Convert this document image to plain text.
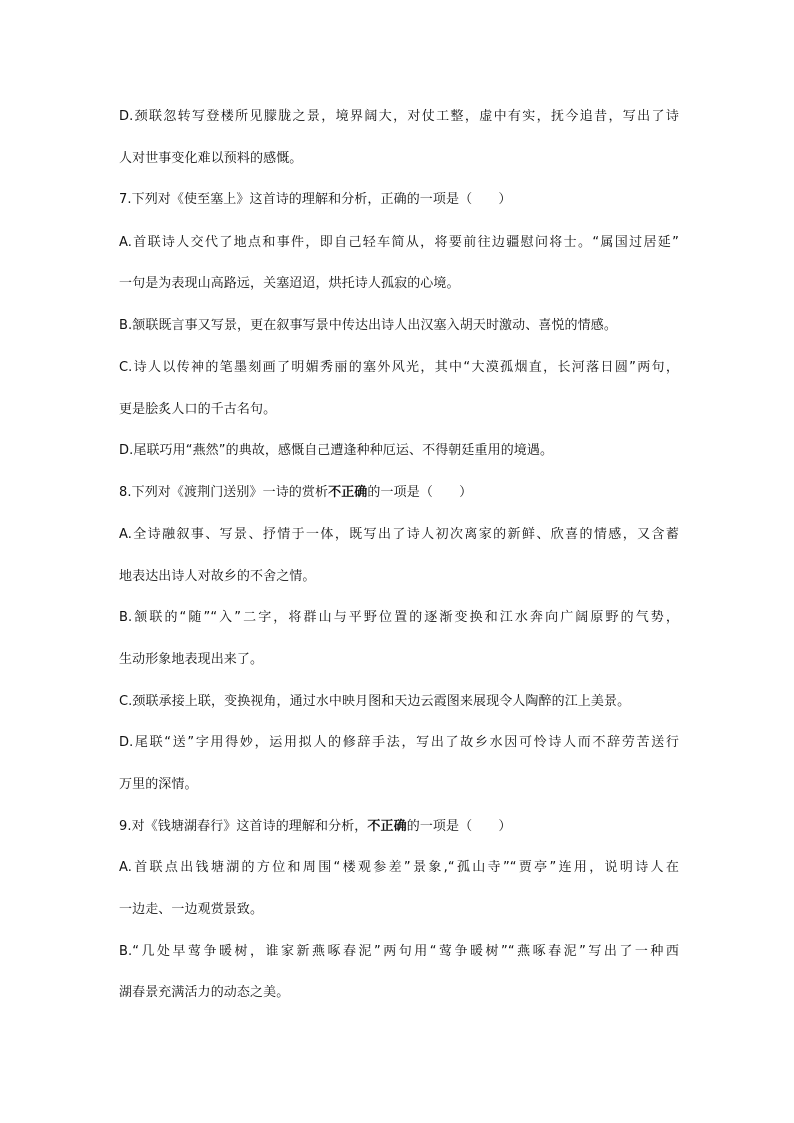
D.颈联忽转写登楼所见朦胧之景，境界阔大，对仗工整，虚中有实，抚今追昔，写出了诗
人对世事变化难以预料的感慨。
7.下列对《使至塞上》这首诗的理解和分析，正确的一项是（　　）
A.首联诗人交代了地点和事件，即自己轻车简从，将要前往边疆慰问将士。“属国过居延”
一句是为表现山高路远，关塞迢迢，烘托诗人孤寂的心境。
B.颔联既言事又写景，更在叙事写景中传达出诗人出汉塞入胡天时激动、喜悦的情感。
C.诗人以传神的笔墨刻画了明媚秀丽的塞外风光，其中“大漠孤烟直，长河落日圆”两句，
更是脍炙人口的千古名句。
D.尾联巧用“燕然”的典故，感慨自己遭逢种种厄运、不得朝廷重用的境遇。
8.下列对《渡荆门送别》一诗的赏析不正确的一项是（　　）
A.全诗融叙事、写景、抒情于一体，既写出了诗人初次离家的新鲜、欣喜的情感，又含蓄
地表达出诗人对故乡的不舍之情。
B.颔联的“随”“入”二字，将群山与平野位置的逐渐变换和江水奔向广阔原野的气势，
生动形象地表现出来了。
C.颈联承接上联，变换视角，通过水中映月图和天边云霞图来展现令人陶醉的江上美景。
D.尾联“送”字用得妙，运用拟人的修辞手法，写出了故乡水因可怜诗人而不辞劳苦送行
万里的深情。
9.对《钱塘湖春行》这首诗的理解和分析，不正确的一项是（　　）
A.首联点出钱塘湖的方位和周围“楼观参差”景象,“孤山寺”“贾亭”连用，说明诗人在
一边走、一边观赏景致。
B.“几处早莺争暖树，谁家新燕啄春泥”两句用“莺争暖树”“燕啄春泥”写出了一种西
湖春景充满活力的动态之美。
